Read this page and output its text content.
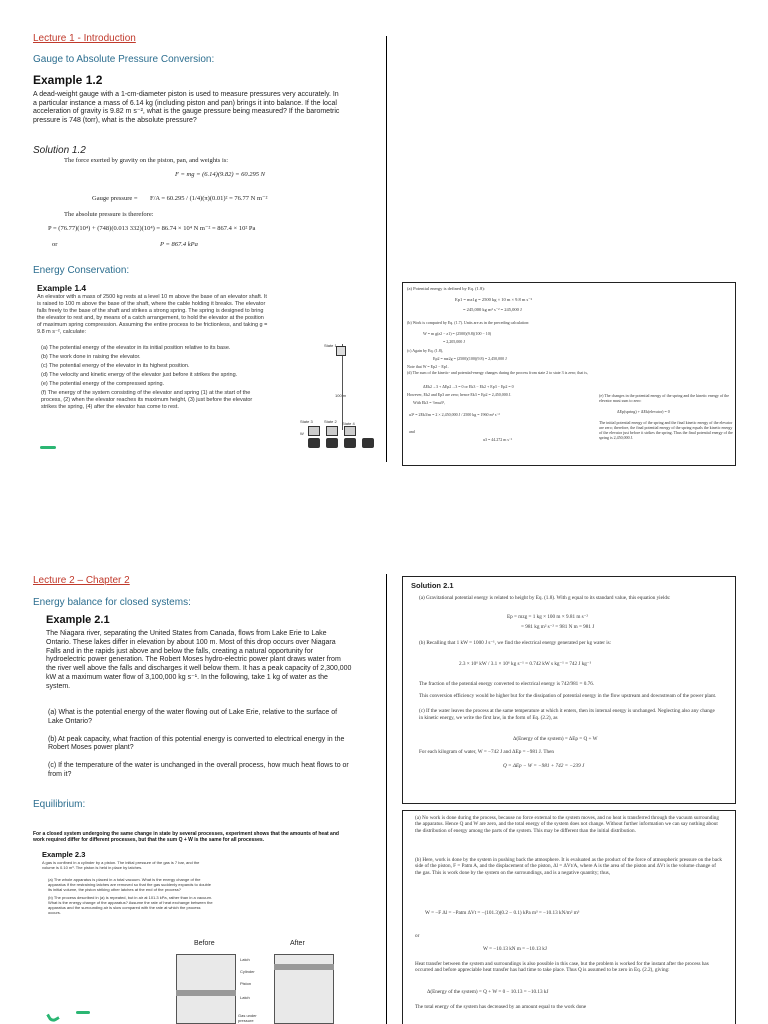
Lecture 1 - Introduction
Gauge to Absolute Pressure Conversion:
Example 1.2
A dead-weight gauge with a 1-cm-diameter piston is used to measure pressures very accurately. In a particular instance a mass of 6.14 kg (including piston and pan) brings it into balance. If the local acceleration of gravity is 9.82 m s⁻², what is the gauge pressure being measured? If the barometric pressure is 748 (torr), what is the absolute pressure?
Solution 1.2
The force exerted by gravity on the piston, pan, and weights is:
F = mg = (6.14)(9.82) = 60.295 N
Gauge pressure = F/A = 60.295 / (1/4)(π)(0.01)² = 76.77 N m⁻²
The absolute pressure is therefore:
P = (76.77)(10⁴) + (748)(0.013 332)(10⁴) = 86.74 × 10⁴ N m⁻² = 867.4 × 10² Pa
or	P = 867.4 kPa
Energy Conservation:
Example 1.4
An elevator with a mass of 2500 kg rests at a level 10 m above the base of an elevator shaft. It is raised to 100 m above the base of the shaft, where the cable holding it breaks. The elevator falls freely to the base of the shaft and strikes a strong spring. The spring is designed to bring the elevator to rest and, by means of a catch arrangement, to hold the elevator at the position of maximum spring compression. Assuming the entire process to be frictionless, and taking g = 9.8 m s⁻², calculate:
(a) The potential energy of the elevator in its initial position relative to its base.
(b) The work done in raising the elevator.
(c) The potential energy of the elevator in its highest position.
(d) The velocity and kinetic energy of the elevator just before it strikes the spring.
(e) The potential energy of the compressed spring.
(f) The energy of the system consisting of the elevator and spring (1) at the start of the process, (2) when the elevator reaches its maximum height, (3) just before the elevator strikes the spring, (4) after the elevator has come to rest.
State 1
100 m
State 3	State 4
State 2
W
(a) Potential energy is defined by Eq. (1.8):
Ep1 = mz1g = 2500 kg × 10 m × 9.8 m s⁻²
= 245,000 kg m² s⁻² = 245,000 J
(b) Work is computed by Eq. (1.7). Units are as in the preceding calculation:
W = m g(z2 − z1) = (2500)(9.8)(100 − 10)
= 2,205,000 J
(c) Again by Eq. (1.8),
Ep2 = mz2g = (2500)(100)(9.8) = 2,450,000 J
Note that W = Ep2 − Ep1.
(d) The sum of the kinetic- and potential-energy changes during the process from state 2 to state 3 is zero; that is,
ΔEk2→3 + ΔEp2→3 = 0 or Ek3 − Ek2 + Ep3 − Ep2 = 0
However, Ek2 and Ep3 are zero; hence Ek3 = Ep2 = 2,450,000 J.
With Ek3 = ½mu3²,
u3² = 2Ek3/m = 2 × 2,450,000 J / 2500 kg = 1960 m² s⁻²
and
u3 = 44.272 m s⁻¹
(e) The changes in the potential energy of the spring and the kinetic energy of the elevator must sum to zero:
ΔEp(spring) + ΔEk(elevator) = 0
The initial potential energy of the spring and the final kinetic energy of the elevator are zero; therefore, the final potential energy of the spring equals the kinetic energy of the elevator just before it strikes the spring. Thus the final potential energy of the spring is 2,450,000 J.
Lecture 2 – Chapter 2
Energy balance for closed systems:
Example 2.1
The Niagara river, separating the United States from Canada, flows from Lake Erie to Lake Ontario. These lakes differ in elevation by about 100 m. Most of this drop occurs over Niagara Falls and in the rapids just above and below the falls, creating a natural opportunity for hydroelectric power generation. The Robert Moses hydro-electric power plant draws water from the river well above the falls and discharges it well below them. It has a peak capacity of 2,300,000 kW at a maximum water flow of 3,100,000 kg s⁻¹. In the following, take 1 kg of water as the system.
(a) What is the potential energy of the water flowing out of Lake Erie, relative to the surface of Lake Ontario?
(b) At peak capacity, what fraction of this potential energy is converted to electrical energy in the Robert Moses power plant?
(c) If the temperature of the water is unchanged in the overall process, how much heat flows to or from it?
Equilibrium:
For a closed system undergoing the same change in state by several processes, experiment shows that the amounts of heat and work required differ for different processes, but that the sum Q + W is the same for all processes.
Example 2.3
A gas is confined in a cylinder by a piston. The initial pressure of the gas is 7 bar, and the volume is 0.10 m³. The piston is held in place by latches.
(a) The whole apparatus is placed in a total vacuum. What is the energy change of the apparatus if the restraining latches are removed so that the gas suddenly expands to double its initial volume, the piston striking other latches at the end of the process?
(b) The process described in (a) is repeated, but in air at 101.3 kPa, rather than in a vacuum. What is the energy change of the apparatus? Assume the rate of heat exchange between the apparatus and the surrounding air is slow compared with the rate at which the process occurs.
Before	After
Latch
Cylinder
Piston
Latch
Gas under pressure
Solution 2.1
(a) Gravitational potential energy is related to height by Eq. (1.8). With g equal to its standard value, this equation yields:
Ep = mzg = 1 kg × 100 m × 9.81 m s⁻²
= 981 kg m² s⁻² = 981 N m = 981 J
(b) Recalling that 1 kW = 1000 J s⁻¹, we find the electrical energy generated per kg water is:
2.3 × 10⁶ kW / 3.1 × 10⁶ kg s⁻¹ = 0.742 kW s kg⁻¹ = 742 J kg⁻¹
The fraction of the potential energy converted to electrical energy is 742/981 = 0.76.
This conversion efficiency would be higher but for the dissipation of potential energy in the flow upstream and downstream of the power plant.
(c) If the water leaves the process at the same temperature at which it enters, then its internal energy is unchanged. Neglecting also any change in kinetic energy, we write the first law, in the form of Eq. (2.2), as
Δ(Energy of the system) = ΔEp = Q + W
For each kilogram of water, W = −742 J and ΔEp = −981 J. Then
Q = ΔEp − W = −981 + 742 = −239 J
(a) No work is done during the process, because no force external to the system moves, and no heat is transferred through the vacuum surrounding the apparatus. Hence Q and W are zero, and the total energy of the system does not change. Without further information we can say nothing about the distribution of energy among the parts of the system. This may be different than the initial distribution.
(b) Here, work is done by the system in pushing back the atmosphere. It is evaluated as the product of the force of atmospheric pressure on the back side of the piston, F = Patm A, and the displacement of the piston, Δl = ΔVt/A, where A is the area of the piston and ΔVt is the volume change of the gas. This is work done by the system on the surroundings, and is a negative quantity; thus,
W = −F Δl = −Patm ΔVt = −(101.3)(0.2 − 0.1) kPa m³ = −10.13 kN/m² m³
or
W = −10.13 kN m = −10.13 kJ
Heat transfer between the system and surroundings is also possible in this case, but the problem is worked for the instant after the process has occurred and before appreciable heat transfer has had time to take place. Thus Q is assumed to be zero in Eq. (2.2), giving:
Δ(Energy of the system) = Q + W = 0 − 10.13 = −10.13 kJ
The total energy of the system has decreased by an amount equal to the work done
